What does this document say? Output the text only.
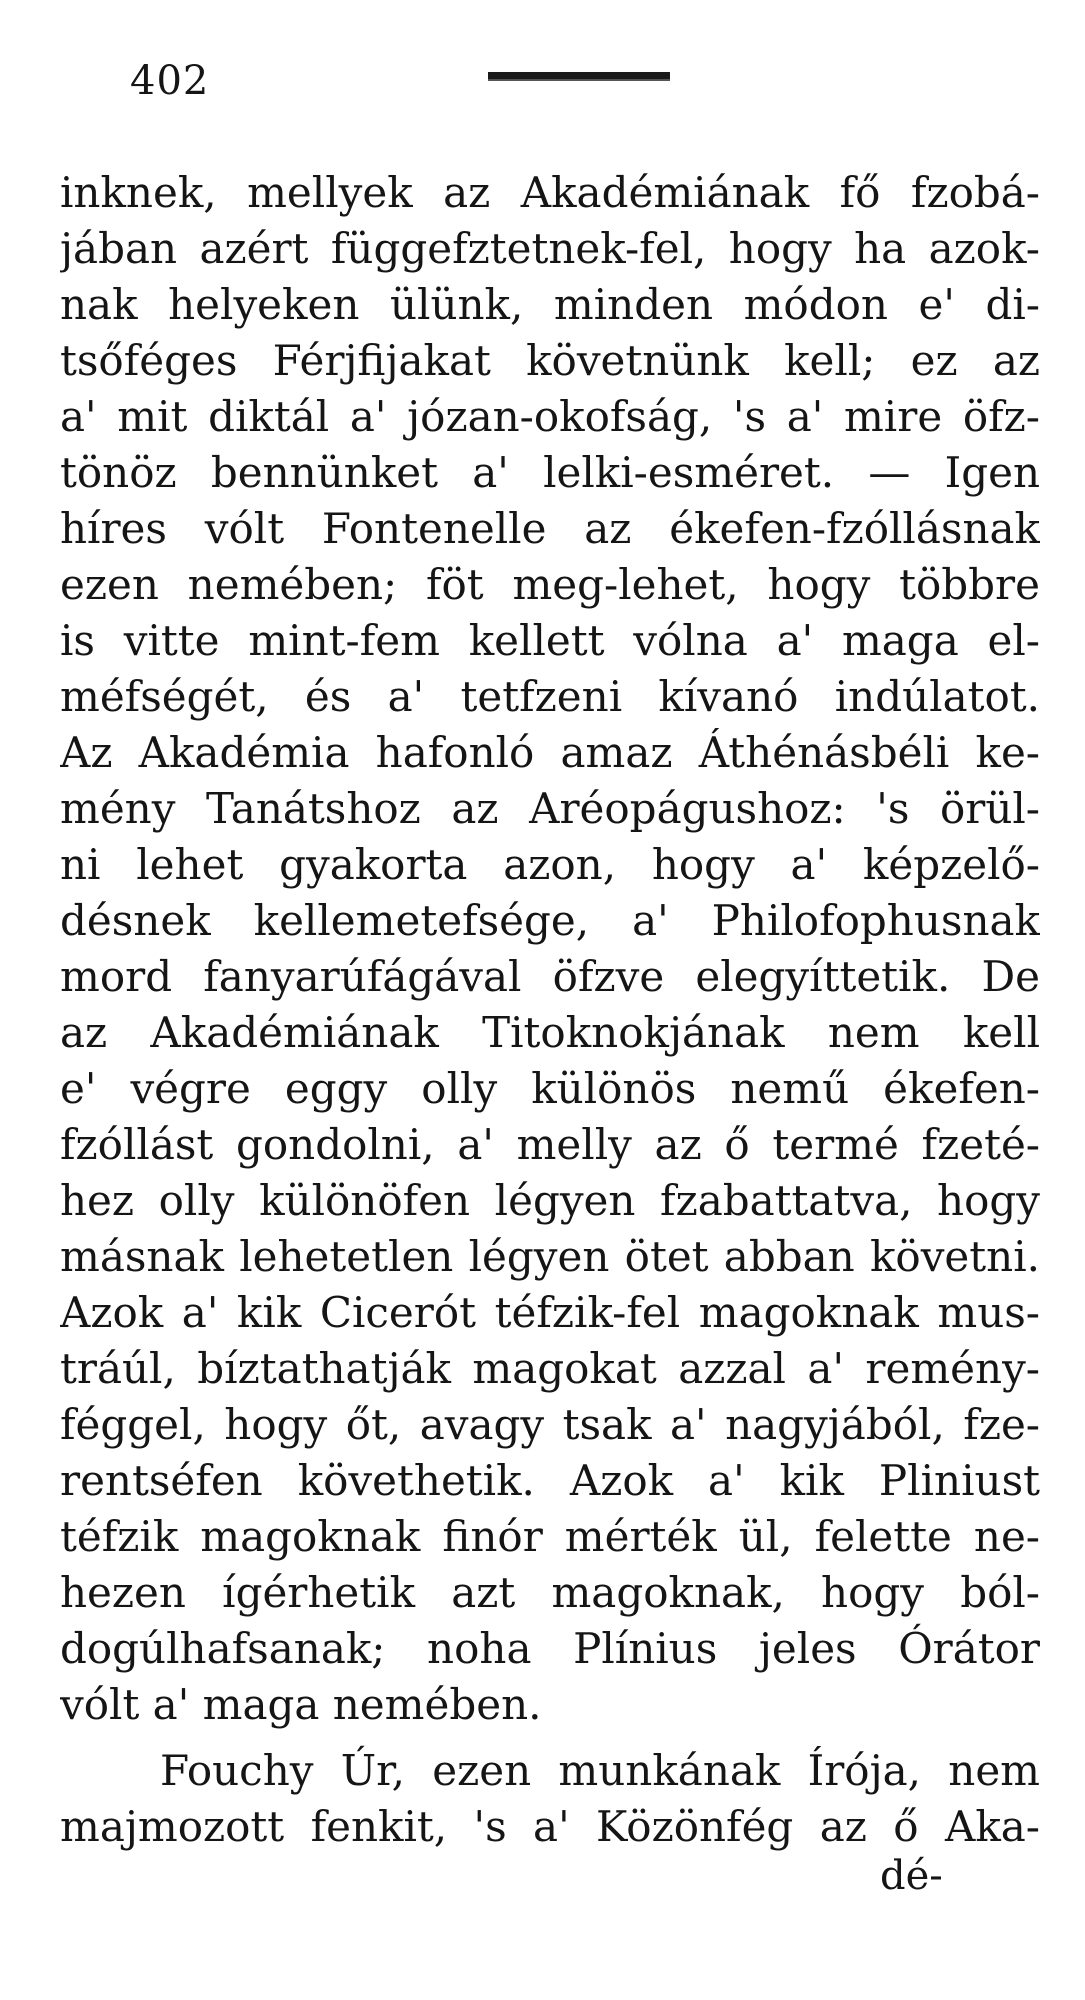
402
inknek, mellyek az Akadémiának fő fzobá-
jában azért függefztetnek-fel, hogy ha azok-
nak helyeken ülünk, minden módon e' di-
tsőféges Férjfijakat követnünk kell; ez az
a' mit diktál a' józan-okofság, 's a' mire öfz-
tönöz bennünket a' lelki-esméret. — Igen
híres vólt Fontenelle az ékefen-fzóllásnak
ezen nemében; föt meg-lehet, hogy többre
is vitte mint-fem kellett vólna a' maga el-
méfségét, és a' tetfzeni kívanó indúlatot.
Az Akadémia hafonló amaz Áthénásbéli ke-
mény Tanátshoz az Aréopágushoz: 's örül-
ni lehet gyakorta azon, hogy a' képzelő-
désnek kellemetefsége, a' Philofophusnak
mord fanyarúfágával öfzve elegyíttetik. De
az Akadémiának Titoknokjának nem kell
e' végre eggy olly különös nemű ékefen-
fzóllást gondolni, a' melly az ő termé fzeté-
hez olly különöfen légyen fzabattatva, hogy
másnak lehetetlen légyen ötet abban követni.
Azok a' kik Cicerót téfzik-fel magoknak mus-
tráúl, bíztathatják magokat azzal a' remény-
féggel, hogy őt, avagy tsak a' nagyjából, fze-
rentséfen követhetik. Azok a' kik Pliniust
téfzik magoknak finór mérték ül, felette ne-
hezen ígérhetik azt magoknak, hogy ból-
dogúlhafsanak; noha Plínius jeles Órátor
vólt a' maga nemében.
Fouchy Úr, ezen munkának Írója, nem
majmozott fenkit, 's a' Közönfég az ő Aka-
dé-
